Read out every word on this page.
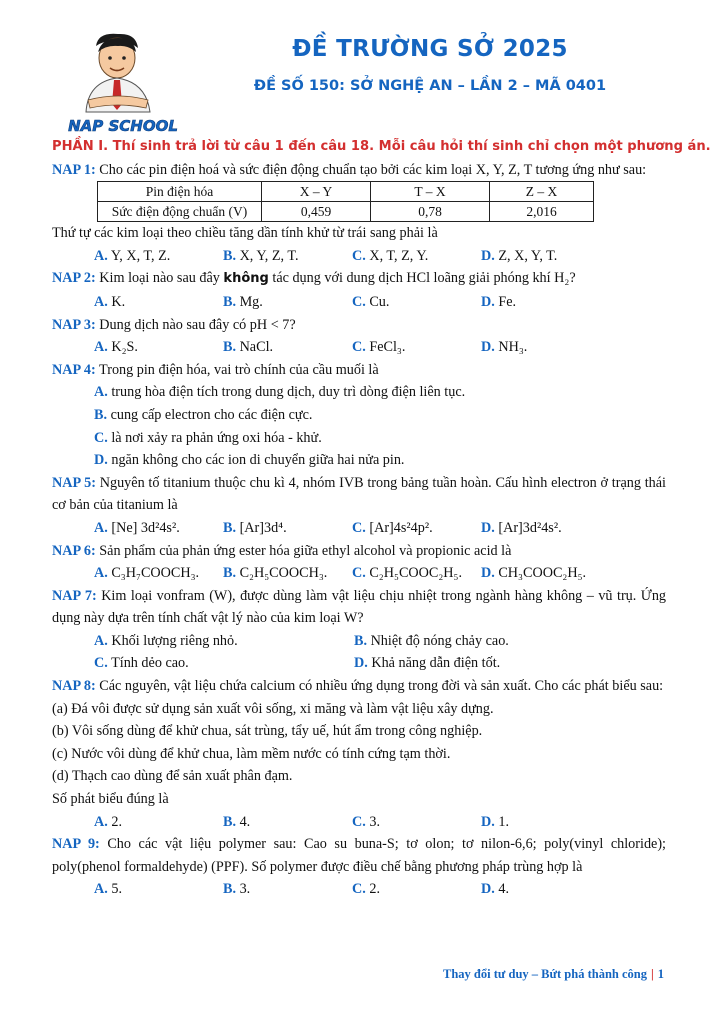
NAP SCHOOL
ĐỀ TRƯỜNG SỞ 2025
ĐỀ SỐ 150: SỞ NGHỆ AN – LẦN 2 – MÃ 0401
PHẦN I. Thí sinh trả lời từ câu 1 đến câu 18. Mỗi câu hỏi thí sinh chỉ chọn một phương án.
NAP 1: Cho các pin điện hoá và sức điện động chuẩn tạo bởi các kim loại X, Y, Z, T tương ứng như sau:
Pin điện hóa	X – Y	T – X	Z – X
Sức điện động chuẩn (V)	0,459	0,78	2,016
Thứ tự các kim loại theo chiều tăng dần tính khử từ trái sang phải là
A. Y, X, T, Z.	B. X, Y, Z, T.	C. X, T, Z, Y.	D. Z, X, Y, T.
NAP 2: Kim loại nào sau đây không tác dụng với dung dịch HCl loãng giải phóng khí H₂?
A. K.	B. Mg.	C. Cu.	D. Fe.
NAP 3: Dung dịch nào sau đây có pH < 7?
A. K₂S.	B. NaCl.	C. FeCl₃.	D. NH₃.
NAP 4: Trong pin điện hóa, vai trò chính của cầu muối là
A. trung hòa điện tích trong dung dịch, duy trì dòng điện liên tục.
B. cung cấp electron cho các điện cực.
C. là nơi xảy ra phản ứng oxi hóa - khử.
D. ngăn không cho các ion di chuyển giữa hai nửa pin.
NAP 5: Nguyên tố titanium thuộc chu kì 4, nhóm IVB trong bảng tuần hoàn. Cấu hình electron ở trạng thái cơ bản của titanium là
A. [Ne] 3d²4s².	B. [Ar]3d⁴.	C. [Ar]4s²4p².	D. [Ar]3d²4s².
NAP 6: Sản phẩm của phản ứng ester hóa giữa ethyl alcohol và propionic acid là
A. C₃H₇COOCH₃.	B. C₂H₅COOCH₃.	C. C₂H₅COOC₂H₅.	D. CH₃COOC₂H₅.
NAP 7: Kim loại vonfram (W), được dùng làm vật liệu chịu nhiệt trong ngành hàng không – vũ trụ. Ứng dụng này dựa trên tính chất vật lý nào của kim loại W?
A. Khối lượng riêng nhỏ.	B. Nhiệt độ nóng chảy cao.
C. Tính dẻo cao.	D. Khả năng dẫn điện tốt.
NAP 8: Các nguyên, vật liệu chứa calcium có nhiều ứng dụng trong đời và sản xuất. Cho các phát biểu sau:
(a) Đá vôi được sử dụng sản xuất vôi sống, xi măng và làm vật liệu xây dựng.
(b) Vôi sống dùng để khử chua, sát trùng, tẩy uế, hút ẩm trong công nghiệp.
(c) Nước vôi dùng để khử chua, làm mềm nước có tính cứng tạm thời.
(d) Thạch cao dùng để sản xuất phân đạm.
Số phát biểu đúng là
A. 2.	B. 4.	C. 3.	D. 1.
NAP 9: Cho các vật liệu polymer sau: Cao su buna-S; tơ olon; tơ nilon-6,6; poly(vinyl chloride); poly(phenol formaldehyde) (PPF). Số polymer được điều chế bằng phương pháp trùng hợp là
A. 5.	B. 3.	C. 2.	D. 4.
Thay đổi tư duy – Bứt phá thành công | 1
